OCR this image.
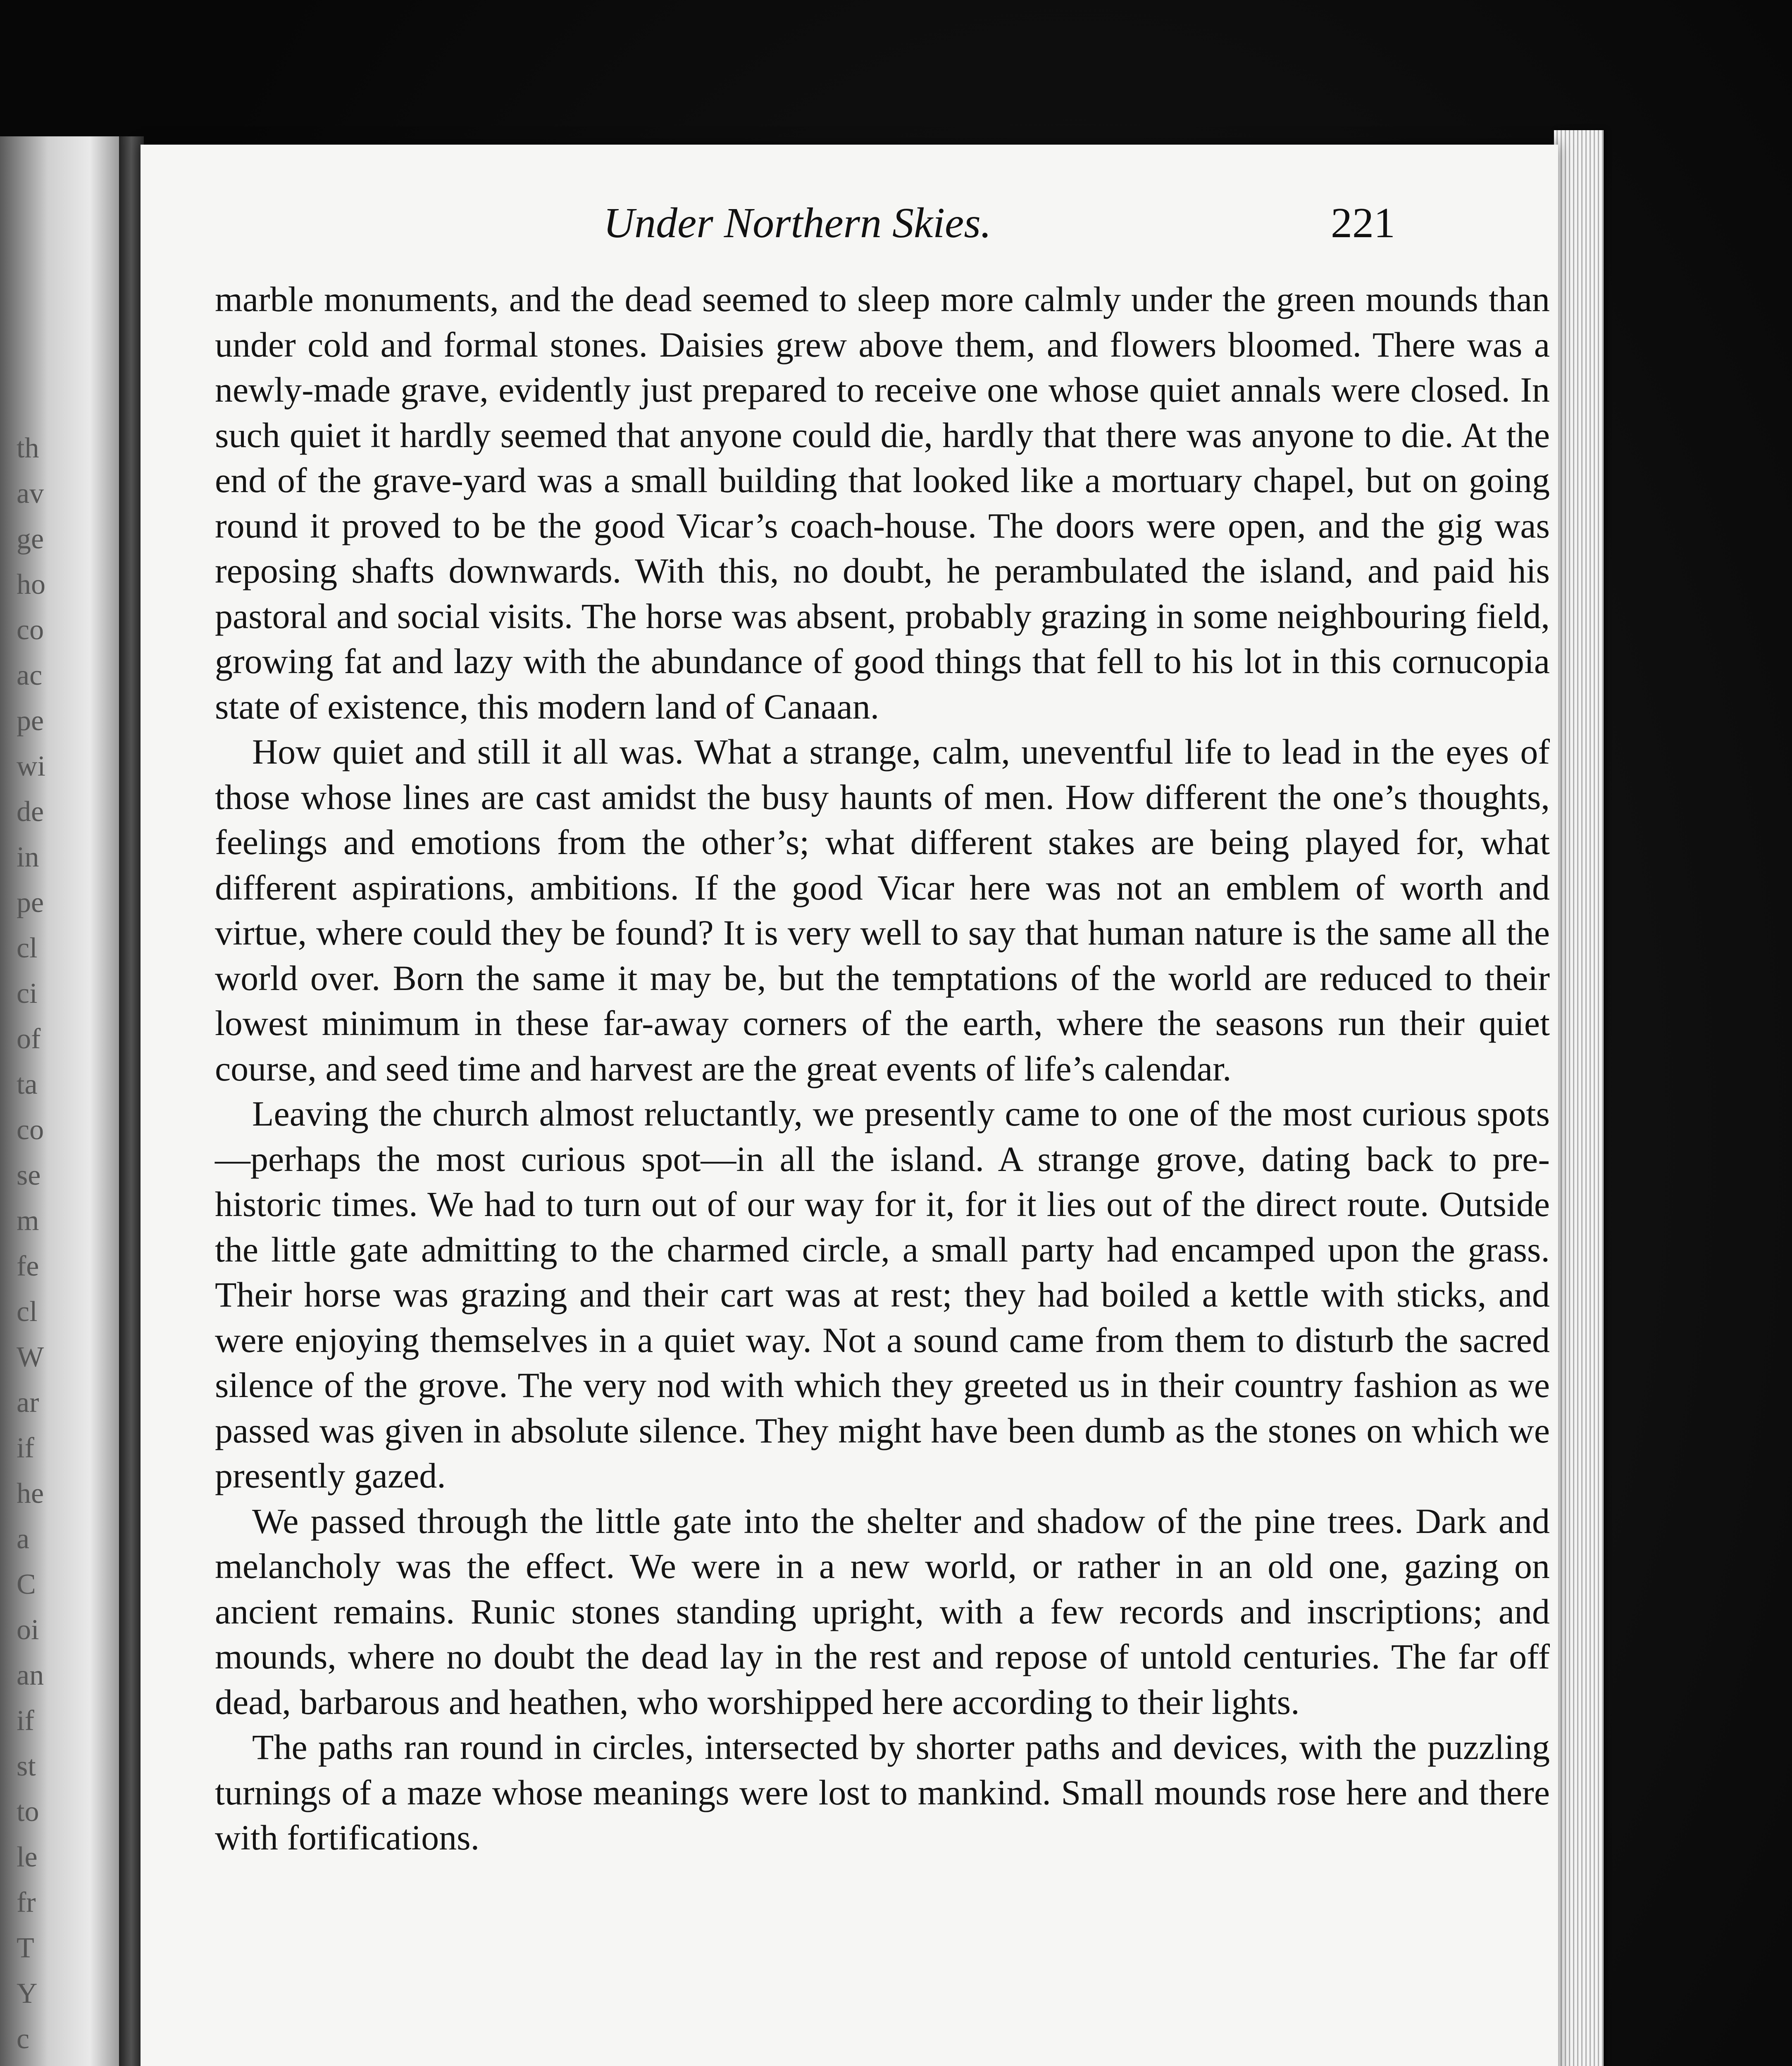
th
av
ge
ho
co
ac
pe
wi
de
in
pe
cl
ci
of
ta
co
se
m
fe
cl
W
ar
if
he
a
C
oi
an
if
st
to
le
fr
T
Y
c
Under Northern Skies.	221

marble monuments, and the dead seemed to sleep more calmly under the green mounds than under cold and formal stones. Daisies grew above them, and flowers bloomed. There was a newly-made grave, evidently just prepared to receive one whose quiet annals were closed. In such quiet it hardly seemed that anyone could die, hardly that there was anyone to die. At the end of the grave-yard was a small building that looked like a mortuary chapel, but on going round it proved to be the good Vicar’s coach-house. The doors were open, and the gig was reposing shafts downwards. With this, no doubt, he perambulated the island, and paid his pastoral and social visits. The horse was absent, probably grazing in some neighbouring field, growing fat and lazy with the abundance of good things that fell to his lot in this cornucopia state of existence, this modern land of Canaan.

How quiet and still it all was. What a strange, calm, uneventful life to lead in the eyes of those whose lines are cast amidst the busy haunts of men. How different the one’s thoughts, feelings and emotions from the other’s; what different stakes are being played for, what different aspirations, ambitions. If the good Vicar here was not an emblem of worth and virtue, where could they be found? It is very well to say that human nature is the same all the world over. Born the same it may be, but the temptations of the world are reduced to their lowest minimum in these far-away corners of the earth, where the seasons run their quiet course, and seed time and harvest are the great events of life’s calendar.

Leaving the church almost reluctantly, we presently came to one of the most curious spots—perhaps the most curious spot—in all the island. A strange grove, dating back to pre-historic times. We had to turn out of our way for it, for it lies out of the direct route. Outside the little gate admitting to the charmed circle, a small party had encamped upon the grass. Their horse was grazing and their cart was at rest; they had boiled a kettle with sticks, and were enjoying themselves in a quiet way. Not a sound came from them to disturb the sacred silence of the grove. The very nod with which they greeted us in their country fashion as we passed was given in absolute silence. They might have been dumb as the stones on which we presently gazed.

We passed through the little gate into the shelter and shadow of the pine trees. Dark and melancholy was the effect. We were in a new world, or rather in an old one, gazing on ancient remains. Runic stones standing upright, with a few records and inscriptions; and mounds, where no doubt the dead lay in the rest and repose of untold centuries. The far off dead, barbarous and heathen, who worshipped here according to their lights.

The paths ran round in circles, intersected by shorter paths and devices, with the puzzling turnings of a maze whose meanings were lost to mankind. Small mounds rose here and there with fortifications.
